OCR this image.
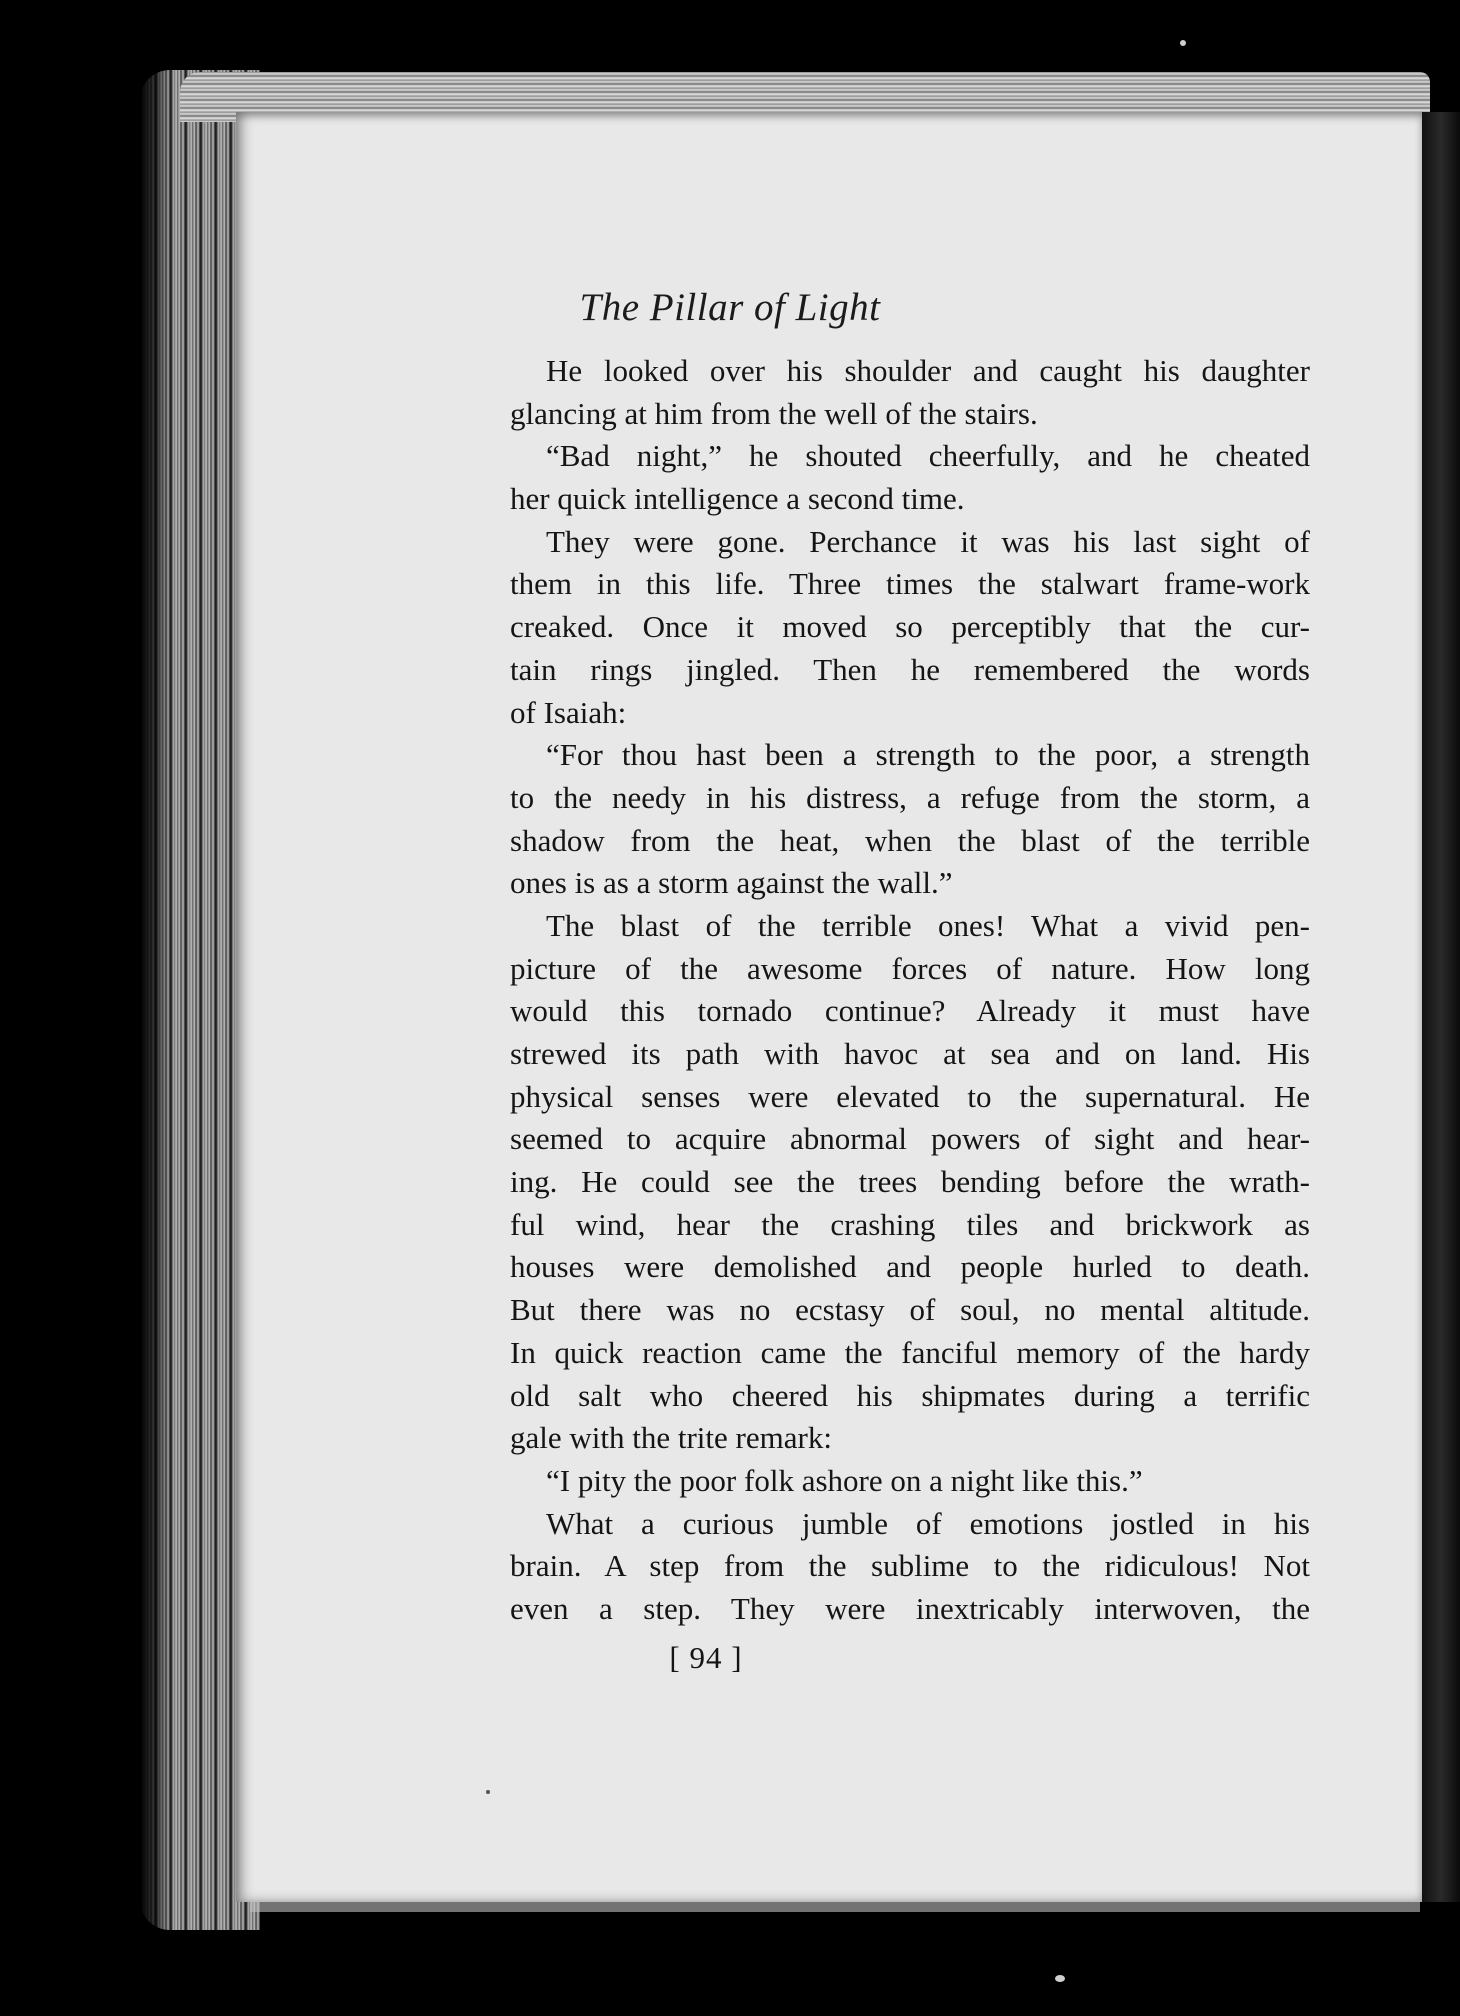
The Pillar of Light
He looked over his shoulder and caught his daughter
glancing at him from the well of the stairs.
“Bad night,” he shouted cheerfully, and he cheated
her quick intelligence a second time.
They were gone. Perchance it was his last sight of
them in this life. Three times the stalwart frame-work
creaked. Once it moved so perceptibly that the cur-
tain rings jingled. Then he remembered the words
of Isaiah:
“For thou hast been a strength to the poor, a strength
to the needy in his distress, a refuge from the storm, a
shadow from the heat, when the blast of the terrible
ones is as a storm against the wall.”
The blast of the terrible ones! What a vivid pen-
picture of the awesome forces of nature. How long
would this tornado continue? Already it must have
strewed its path with havoc at sea and on land. His
physical senses were elevated to the supernatural. He
seemed to acquire abnormal powers of sight and hear-
ing. He could see the trees bending before the wrath-
ful wind, hear the crashing tiles and brickwork as
houses were demolished and people hurled to death.
But there was no ecstasy of soul, no mental altitude.
In quick reaction came the fanciful memory of the hardy
old salt who cheered his shipmates during a terrific
gale with the trite remark:
“I pity the poor folk ashore on a night like this.”
What a curious jumble of emotions jostled in his
brain. A step from the sublime to the ridiculous! Not
even a step. They were inextricably interwoven, the
[ 94 ]
